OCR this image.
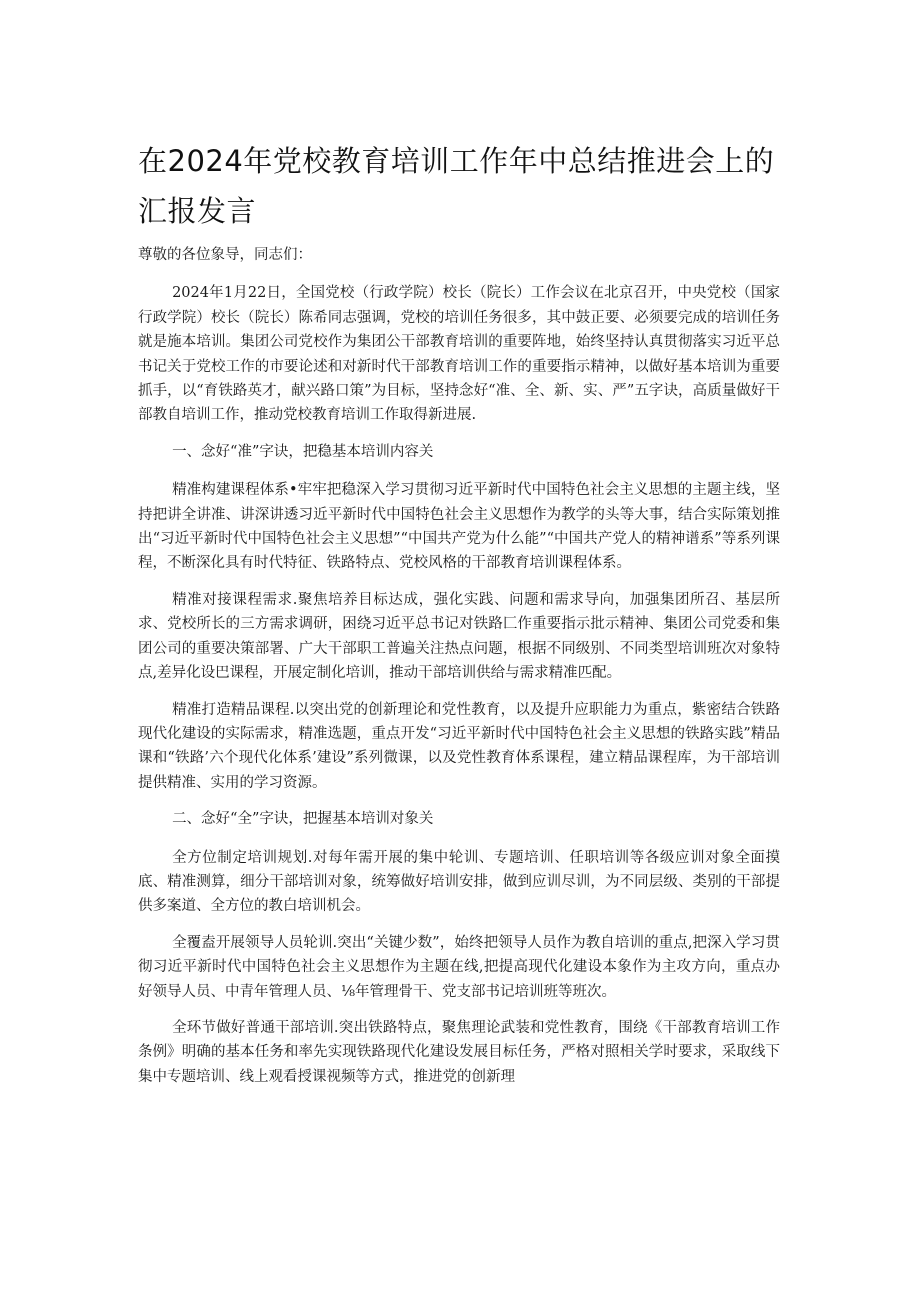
在2024年党校教育培训工作年中总结推进会上的汇报发言

尊敬的各位象导，同志们：

2024年1月22日，全国党校（行政学院）校长（院长）工作会议在北京召开，中央党校（国家行政学院）校长（院长）陈希同志强调，党校的培训任务很多，其中鼓正要、必须要完成的培训任务就是施本培训。集团公司党校作为集团公干部教育培训的重要阵地，始终坚持认真贯彻落实习近平总书记关于党校工作的市要论述和对新时代干部教育培训工作的重要指示精神，以做好基本培训为重要抓手，以“育铁路英才，献兴路口策”为目标，坚持念好“准、全、新、实、严”五字诀，高质量做好干部教自培训工作，推动党校教育培训工作取得新进展.

一、念好“准”字诀，把稳基本培训内容关

精准构建课程体系•牢牢把稳深入学习贯彻习近平新时代中国特色社会主义思想的主题主线，坚持把讲全讲准、讲深讲透习近平新时代中国特色社会主义思想作为教学的头等大事，结合实际策划推出“习近平新时代中国特色社会主义思想”“中国共产党为什么能”“中国共产党人的精神谱系”等系列课程，不断深化具有时代特征、铁路特点、党校风格的干部教育培训课程体系。

精准对接课程需求.聚焦培养目标达成，强化实践、问题和需求导向，加强集团所召、基层所求、党校所长的三方需求调研，困绕习近平总书记对铁路匚作重要指示批示精神、集团公司党委和集团公司的重要决策部署、广大干部职工普遍关注热点问题，根据不同级别、不同类型培训班次对象特点,差异化设巴课程，开展定制化培训，推动干部培训供给与需求精准匹配。

精准打造精品课程.以突出党的创新理论和党性教育，以及提升应职能力为重点，紫密结合铁路现代化建设的实际需求，精准选题，重点开发“习近平新时代中国特色社会主义思想的铁路实践”精品课和“铁路’六个现代化体系’建设”系列微课，以及党性教育体系课程，建立精品课程库，为干部培训提供精准、实用的学习资源。

二、念好“全”字诀，把握基本培训对象关

全方位制定培训规划.对每年需开展的集中轮训、专题培训、任职培训等各级应训对象全面摸底、精准测算，细分干部培训对象，统筹做好培训安排，做到应训尽训，为不同层级、类别的干部提供多案道、全方位的教白培训机会。

全覆盍开展领导人员轮训.突出“关键少数”，始终把领导人员作为教自培训的重点,把深入学习贯彻习近平新时代中国特色社会主义思想作为主题在线,把提高现代化建设本象作为主攻方向，重点办好领导人员、中青年管理人员、⅛年管理骨干、党支部书记培训班等班次。

全环节做好普通干部培训.突出铁路特点，聚焦理论武装和党性教育，围绕《干部教育培训工作条例》明确的基本任务和率先实现铁路现代化建设发展目标任务，严格对照相关学时要求，采取线下集中专题培训、线上观看授课视频等方式，推进党的创新理
